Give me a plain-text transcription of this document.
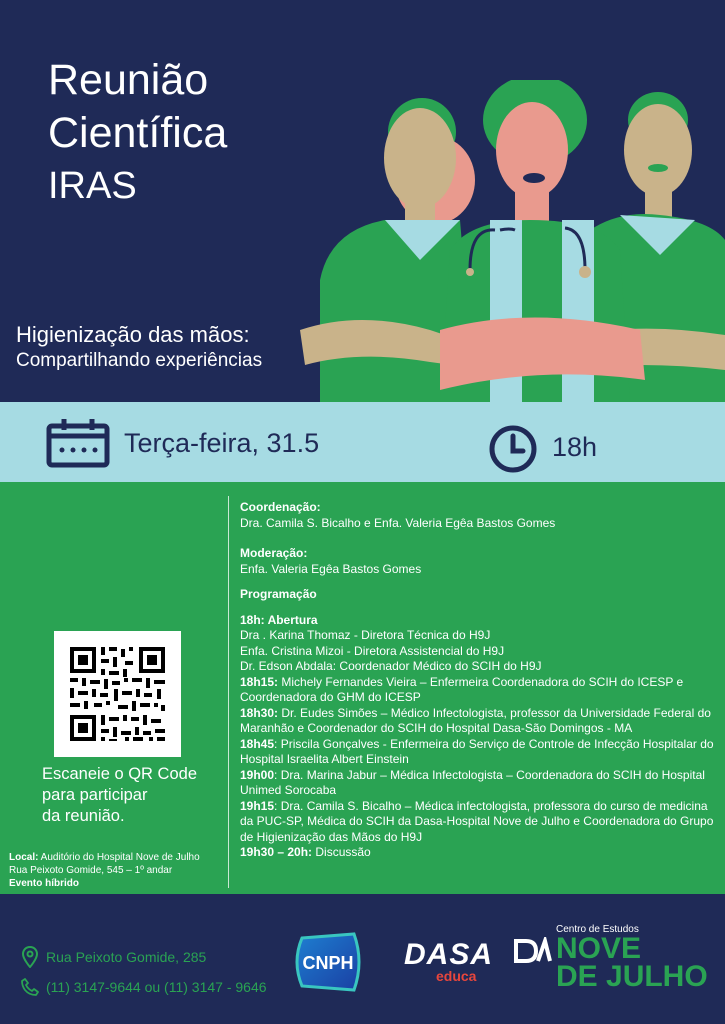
Reunião
Científica
IRAS
Higienização das mãos:
Compartilhando experiências
Terça-feira, 31.5	18h
Coordenação:
Dra. Camila S. Bicalho e Enfa. Valeria Egêa Bastos Gomes
Moderação:
Enfa. Valeria Egêa Bastos Gomes
Programação
18h: Abertura
Dra . Karina Thomaz - Diretora Técnica do H9J
Enfa. Cristina Mizoi - Diretora Assistencial do H9J
Dr. Edson Abdala: Coordenador Médico do SCIH do H9J
18h15: Michely Fernandes Vieira – Enfermeira Coordenadora do SCIH do ICESP e Coordenadora do GHM do ICESP
18h30: Dr. Eudes Simões – Médico Infectologista, professor da Universidade Federal do Maranhão e Coordenador do SCIH do Hospital Dasa-São Domingos - MA
18h45: Priscila Gonçalves - Enfermeira do Serviço de Controle de Infecção Hospitalar do Hospital Israelita Albert Einstein
19h00: Dra. Marina Jabur – Médica Infectologista – Coordenadora do SCIH do Hospital Unimed Sorocaba
19h15: Dra. Camila S. Bicalho – Médica infectologista, professora do curso de medicina da PUC-SP, Médica do SCIH da Dasa-Hospital Nove de Julho e Coordenadora do Grupo de Higienização das Mãos do H9J
19h30 – 20h: Discussão
Escaneie o QR Code
para participar
da reunião.
Local: Auditório do Hospital Nove de Julho
Rua Peixoto Gomide, 545 – 1º andar
Evento híbrido
Rua Peixoto Gomide, 285
(11) 3147-9644 ou (11) 3147 - 9646
CNPH DASA
educa
Centro de Estudos
NOVE
DE JULHO
